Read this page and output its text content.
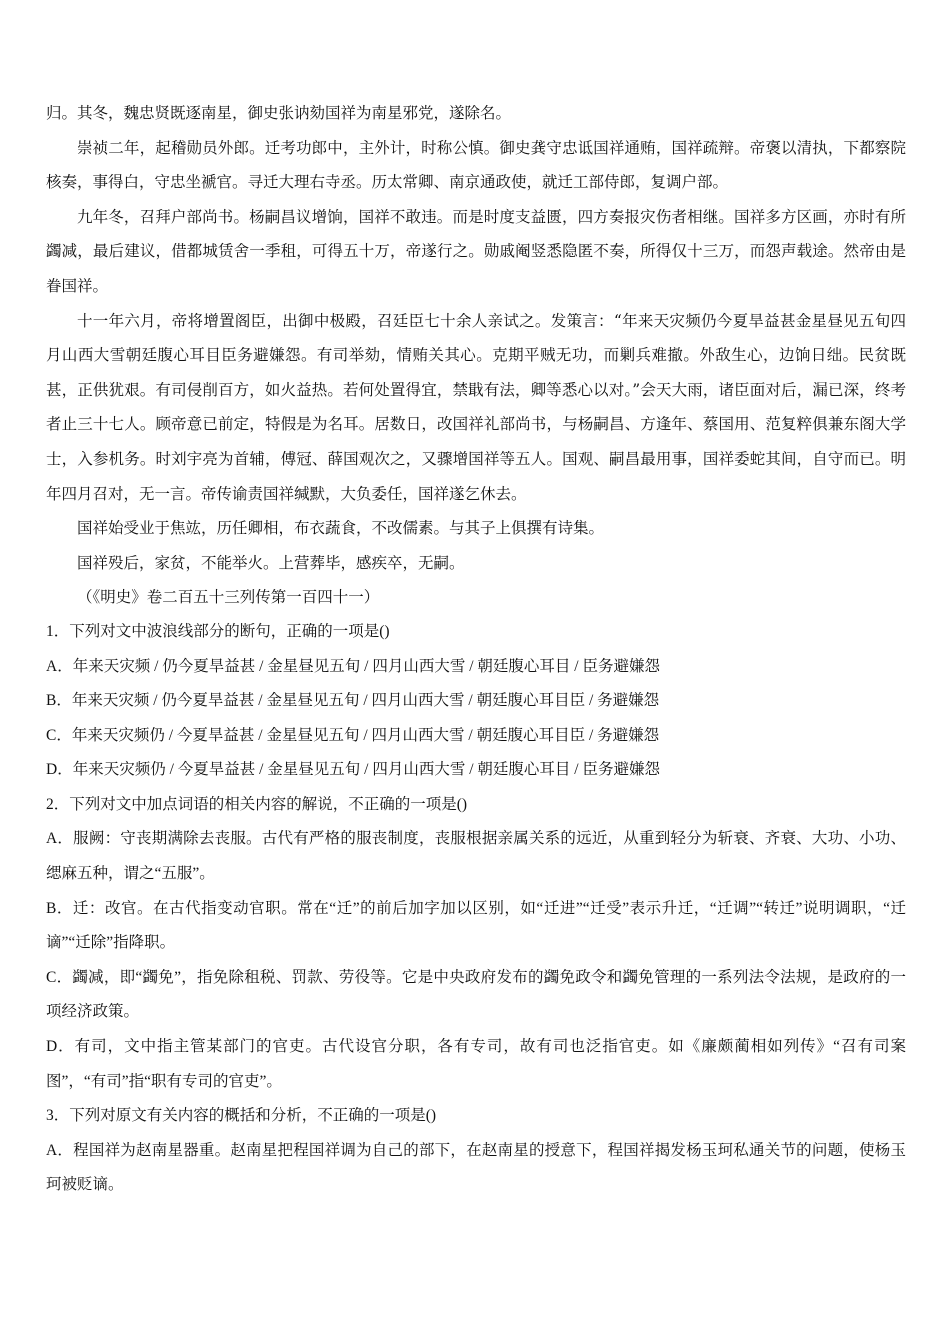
归。其冬，魏忠贤既逐南星，御史张讷劾国祥为南星邪党，遂除名。

崇祯二年，起稽勋员外郎。迁考功郎中，主外计，时称公慎。御史龚守忠诋国祥通贿，国祥疏辩。帝褒以清执，下都察院核奏，事得白，守忠坐褫官。寻迁大理右寺丞。历太常卿、南京通政使，就迁工部侍郎，复调户部。

九年冬，召拜户部尚书。杨嗣昌议增饷，国祥不敢违。而是时度支益匮，四方奏报灾伤者相继。国祥多方区画，亦时有所蠲减，最后建议，借都城赁舍一季租，可得五十万，帝遂行之。勋戚阉竖悉隐匿不奏，所得仅十三万，而怨声载途。然帝由是眷国祥。

十一年六月，帝将增置阁臣，出御中极殿，召廷臣七十余人亲试之。发策言：“年来天灾频仍今夏旱益甚金星昼见五旬四月山西大雪朝廷腹心耳目臣务避嫌怨。有司举劾，情贿关其心。克期平贼无功，而剿兵难撤。外敌生心，边饷日绌。民贫既甚，正供犹艰。有司侵削百方，如火益热。若何处置得宜，禁戢有法，卿等悉心以对。”会天大雨，诸臣面对后，漏已深，终考者止三十七人。顾帝意已前定，特假是为名耳。居数日，改国祥礼部尚书，与杨嗣昌、方逢年、蔡国用、范复粹俱兼东阁大学士，入参机务。时刘宇亮为首辅，傅冠、薛国观次之，又骤增国祥等五人。国观、嗣昌最用事，国祥委蛇其间，自守而已。明年四月召对，无一言。帝传谕责国祥缄默，大负委任，国祥遂乞休去。

国祥始受业于焦竑，历任卿相，布衣蔬食，不改儒素。与其子上俱撰有诗集。

国祥殁后，家贫，不能举火。上营葬毕，感疾卒，无嗣。

（《明史》卷二百五十三列传第一百四十一）

1．下列对文中波浪线部分的断句，正确的一项是()

A．年来天灾频 / 仍今夏旱益甚 / 金星昼见五旬 / 四月山西大雪 / 朝廷腹心耳目 / 臣务避嫌怨

B．年来天灾频 / 仍今夏旱益甚 / 金星昼见五旬 / 四月山西大雪 / 朝廷腹心耳目臣 / 务避嫌怨

C．年来天灾频仍 / 今夏旱益甚 / 金星昼见五旬 / 四月山西大雪 / 朝廷腹心耳目臣 / 务避嫌怨

D．年来天灾频仍 / 今夏旱益甚 / 金星昼见五旬 / 四月山西大雪 / 朝廷腹心耳目 / 臣务避嫌怨

2．下列对文中加点词语的相关内容的解说，不正确的一项是()

A．服阙：守丧期满除去丧服。古代有严格的服丧制度，丧服根据亲属关系的远近，从重到轻分为斩衰、齐衰、大功、小功、缌麻五种，谓之“五服”。

B．迁：改官。在古代指变动官职。常在“迁”的前后加字加以区别，如“迁进”“迁受”表示升迁，“迁调”“转迁”说明调职，“迁谪”“迁除”指降职。

C．蠲减，即“蠲免”，指免除租税、罚款、劳役等。它是中央政府发布的蠲免政令和蠲免管理的一系列法令法规，是政府的一项经济政策。

D．有司，文中指主管某部门的官吏。古代设官分职，各有专司，故有司也泛指官吏。如《廉颇蔺相如列传》“召有司案图”，“有司”指“职有专司的官吏”。

3．下列对原文有关内容的概括和分析，不正确的一项是()

A．程国祥为赵南星器重。赵南星把程国祥调为自己的部下，在赵南星的授意下，程国祥揭发杨玉珂私通关节的问题，使杨玉珂被贬谪。
